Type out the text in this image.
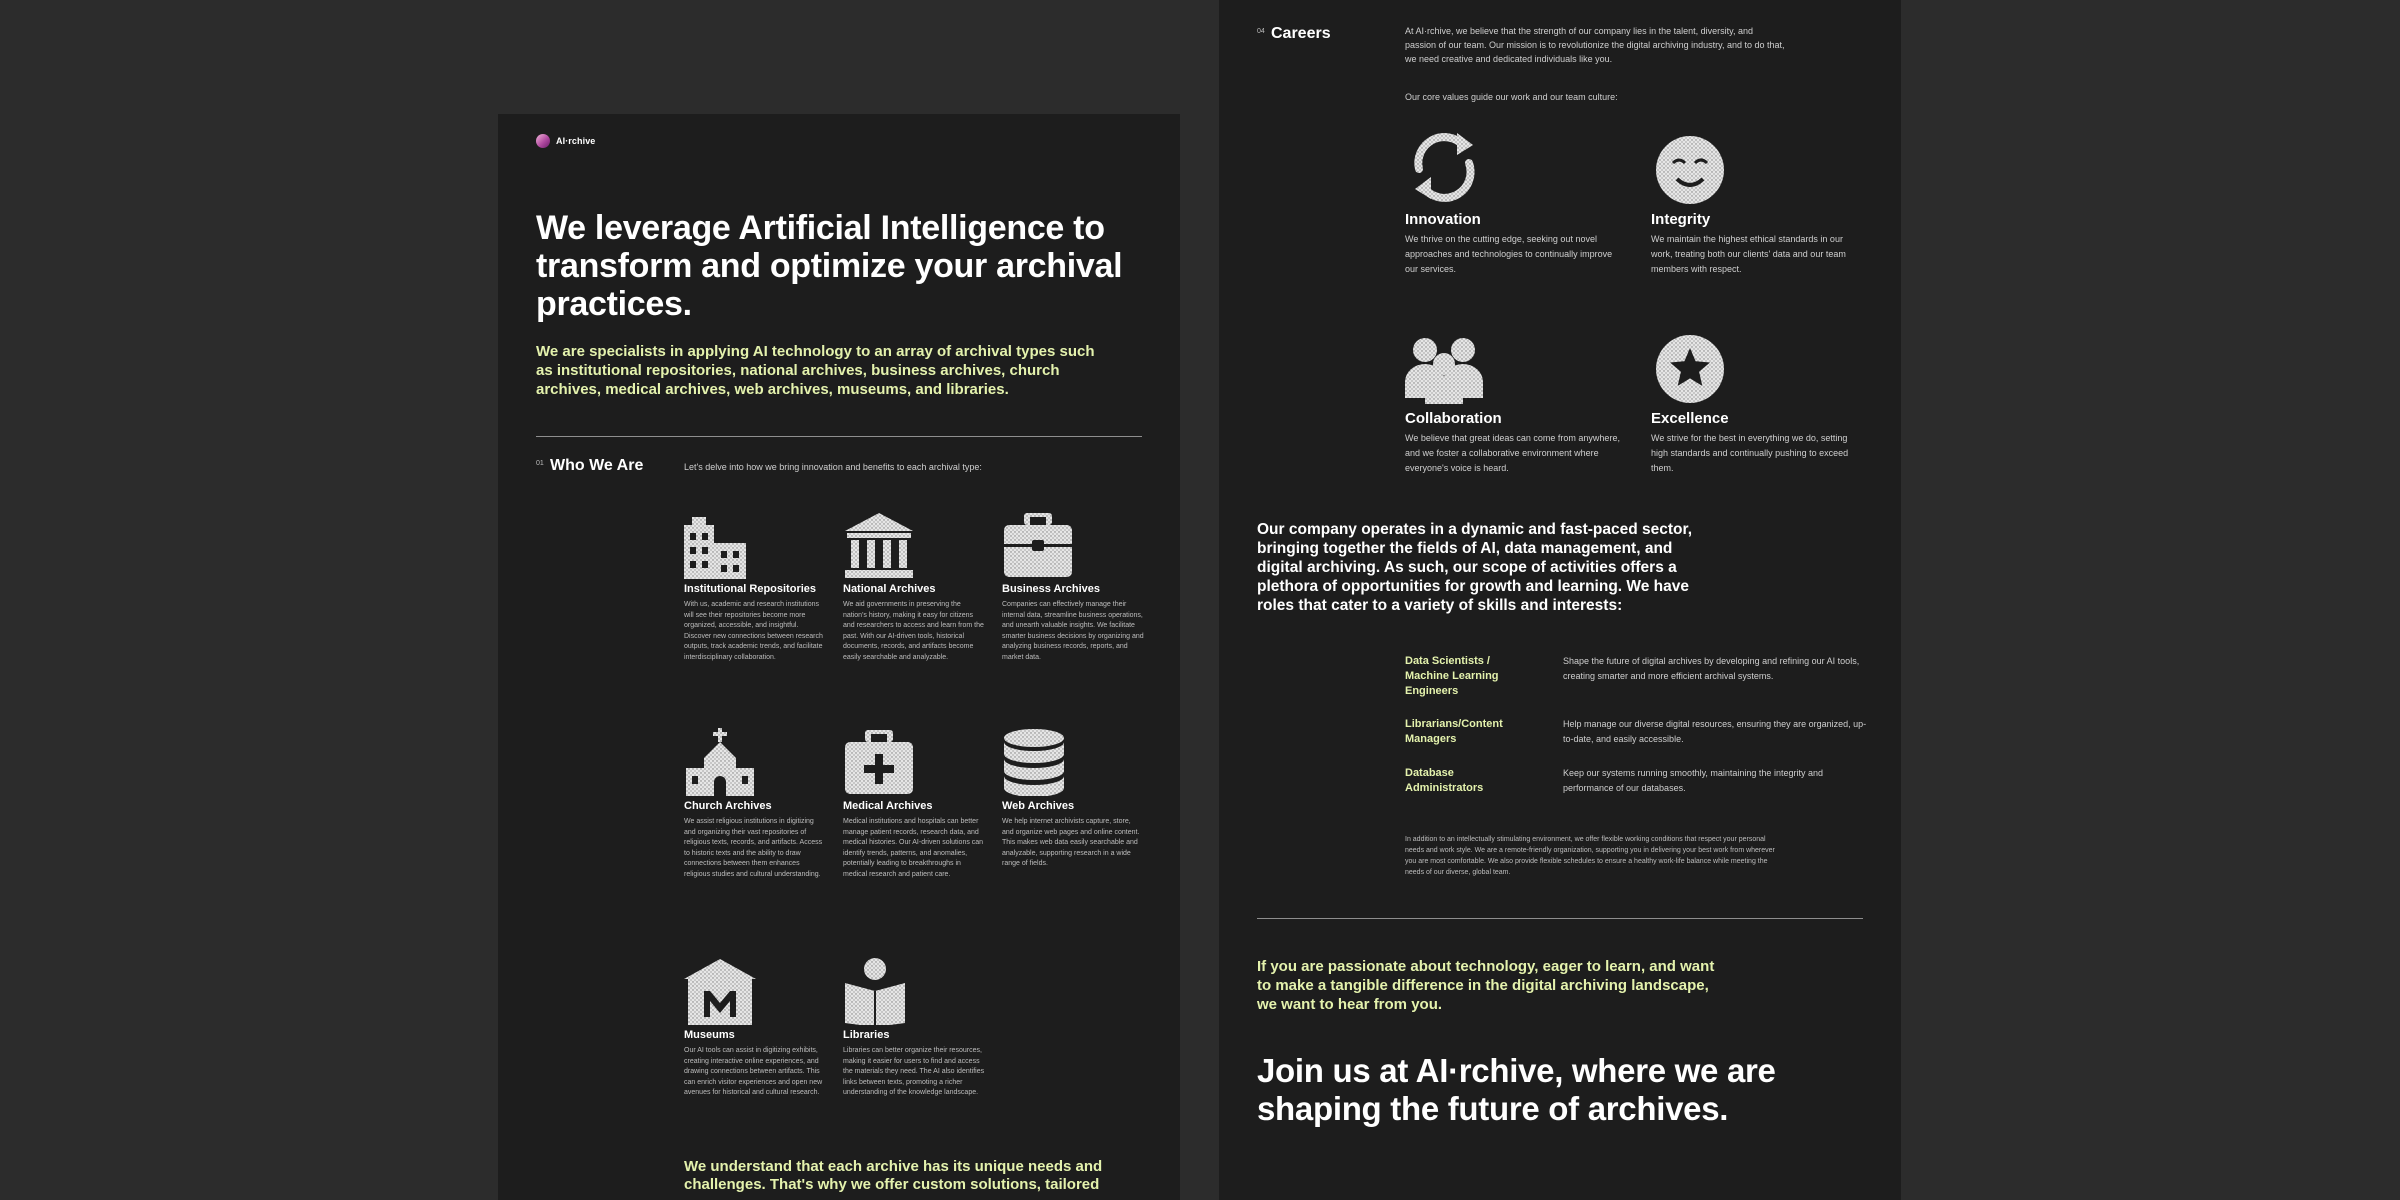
AI·rchive
We leverage Artificial Intelligence to transform and optimize your archival practices.

We are specialists in applying AI technology to an array of archival types such as institutional repositories, national archives, business archives, church archives, medical archives, web archives, museums, and libraries.

01 Who We Are	Let's delve into how we bring innovation and benefits to each archival type:
Institutional Repositories
With us, academic and research institutions will see their repositories become more organized, accessible, and insightful. Discover new connections between research outputs, track academic trends, and facilitate interdisciplinary collaboration.
National Archives
We aid governments in preserving the nation's history, making it easy for citizens and researchers to access and learn from the past. With our AI-driven tools, historical documents, records, and artifacts become easily searchable and analyzable.
Business Archives
Companies can effectively manage their internal data, streamline business operations, and unearth valuable insights. We facilitate smarter business decisions by organizing and analyzing business records, reports, and market data.
Church Archives
We assist religious institutions in digitizing and organizing their vast repositories of religious texts, records, and artifacts. Access to historic texts and the ability to draw connections between them enhances religious studies and cultural understanding.
Medical Archives
Medical institutions and hospitals can better manage patient records, research data, and medical histories. Our AI-driven solutions can identify trends, patterns, and anomalies, potentially leading to breakthroughs in medical research and patient care.
Web Archives
We help internet archivists capture, store, and organize web pages and online content. This makes web data easily searchable and analyzable, supporting research in a wide range of fields.
Museums
Our AI tools can assist in digitizing exhibits, creating interactive online experiences, and drawing connections between artifacts. This can enrich visitor experiences and open new avenues for historical and cultural research.
Libraries
Libraries can better organize their resources, making it easier for users to find and access the materials they need. The AI also identifies links between texts, promoting a richer understanding of the knowledge landscape.

We understand that each archive has its unique needs and challenges. That's why we offer custom solutions, tailored

04 Careers	At AI·rchive, we believe that the strength of our company lies in the talent, diversity, and passion of our team. Our mission is to revolutionize the digital archiving industry, and to do that, we need creative and dedicated individuals like you.

Our core values guide our work and our team culture:

Innovation
We thrive on the cutting edge, seeking out novel approaches and technologies to continually improve our services.
Integrity
We maintain the highest ethical standards in our work, treating both our clients' data and our team members with respect.
Collaboration
We believe that great ideas can come from anywhere, and we foster a collaborative environment where everyone's voice is heard.
Excellence
We strive for the best in everything we do, setting high standards and continually pushing to exceed them.

Our company operates in a dynamic and fast-paced sector, bringing together the fields of AI, data management, and digital archiving. As such, our scope of activities offers a plethora of opportunities for growth and learning. We have roles that cater to a variety of skills and interests:

Data Scientists / Machine Learning Engineers
Shape the future of digital archives by developing and refining our AI tools, creating smarter and more efficient archival systems.
Librarians/Content Managers
Help manage our diverse digital resources, ensuring they are organized, up-to-date, and easily accessible.
Database Administrators
Keep our systems running smoothly, maintaining the integrity and performance of our databases.

In addition to an intellectually stimulating environment, we offer flexible working conditions that respect your personal needs and work style. We are a remote-friendly organization, supporting you in delivering your best work from wherever you are most comfortable. We also provide flexible schedules to ensure a healthy work-life balance while meeting the needs of our diverse, global team.

If you are passionate about technology, eager to learn, and want to make a tangible difference in the digital archiving landscape, we want to hear from you.

Join us at AI·rchive, where we are shaping the future of archives.
